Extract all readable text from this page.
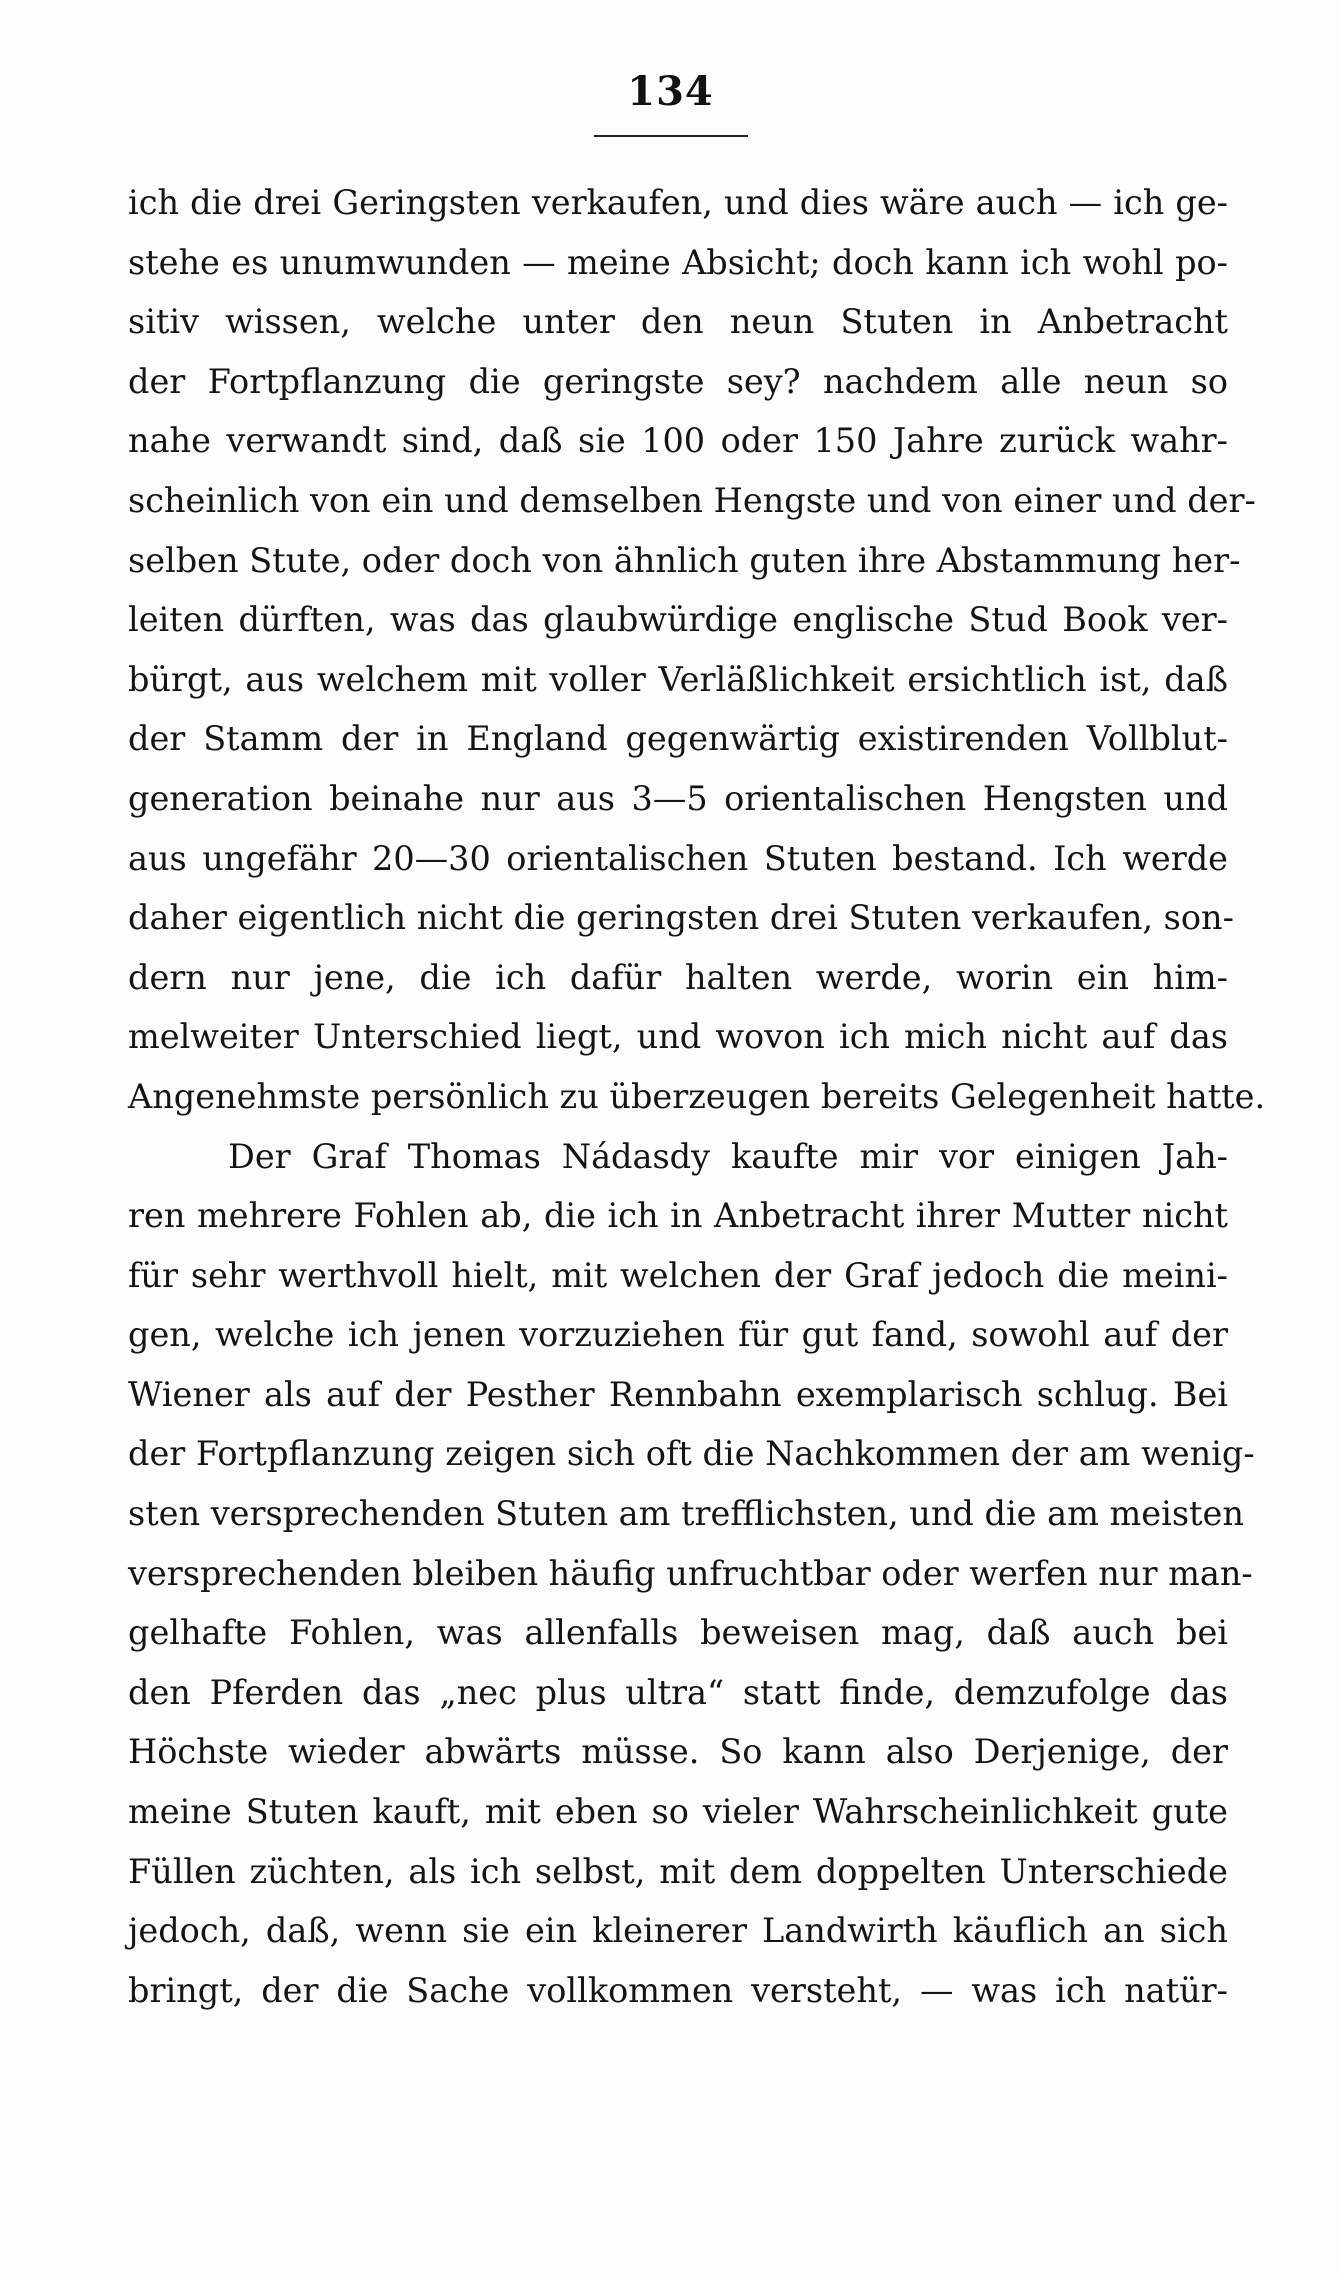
134
ich die drei Geringsten verkaufen, und dies wäre auch — ich ge-
stehe es unumwunden — meine Absicht; doch kann ich wohl po-
sitiv wissen, welche unter den neun Stuten in Anbetracht
der Fortpflanzung die geringste sey? nachdem alle neun so
nahe verwandt sind, daß sie 100 oder 150 Jahre zurück wahr-
scheinlich von ein und demselben Hengste und von einer und der-
selben Stute, oder doch von ähnlich guten ihre Abstammung her-
leiten dürften, was das glaubwürdige englische Stud Book ver-
bürgt, aus welchem mit voller Verläßlichkeit ersichtlich ist, daß
der Stamm der in England gegenwärtig existirenden Vollblut-
generation beinahe nur aus 3—5 orientalischen Hengsten und
aus ungefähr 20—30 orientalischen Stuten bestand. Ich werde
daher eigentlich nicht die geringsten drei Stuten verkaufen, son-
dern nur jene, die ich dafür halten werde, worin ein him-
melweiter Unterschied liegt, und wovon ich mich nicht auf das
Angenehmste persönlich zu überzeugen bereits Gelegenheit hatte.
Der Graf Thomas Nádasdy kaufte mir vor einigen Jah-
ren mehrere Fohlen ab, die ich in Anbetracht ihrer Mutter nicht
für sehr werthvoll hielt, mit welchen der Graf jedoch die meini-
gen, welche ich jenen vorzuziehen für gut fand, sowohl auf der
Wiener als auf der Pesther Rennbahn exemplarisch schlug. Bei
der Fortpflanzung zeigen sich oft die Nachkommen der am wenig-
sten versprechenden Stuten am trefflichsten, und die am meisten
versprechenden bleiben häufig unfruchtbar oder werfen nur man-
gelhafte Fohlen, was allenfalls beweisen mag, daß auch bei
den Pferden das „nec plus ultra“ statt finde, demzufolge das
Höchste wieder abwärts müsse. So kann also Derjenige, der
meine Stuten kauft, mit eben so vieler Wahrscheinlichkeit gute
Füllen züchten, als ich selbst, mit dem doppelten Unterschiede
jedoch, daß, wenn sie ein kleinerer Landwirth käuflich an sich
bringt, der die Sache vollkommen versteht, — was ich natür-
